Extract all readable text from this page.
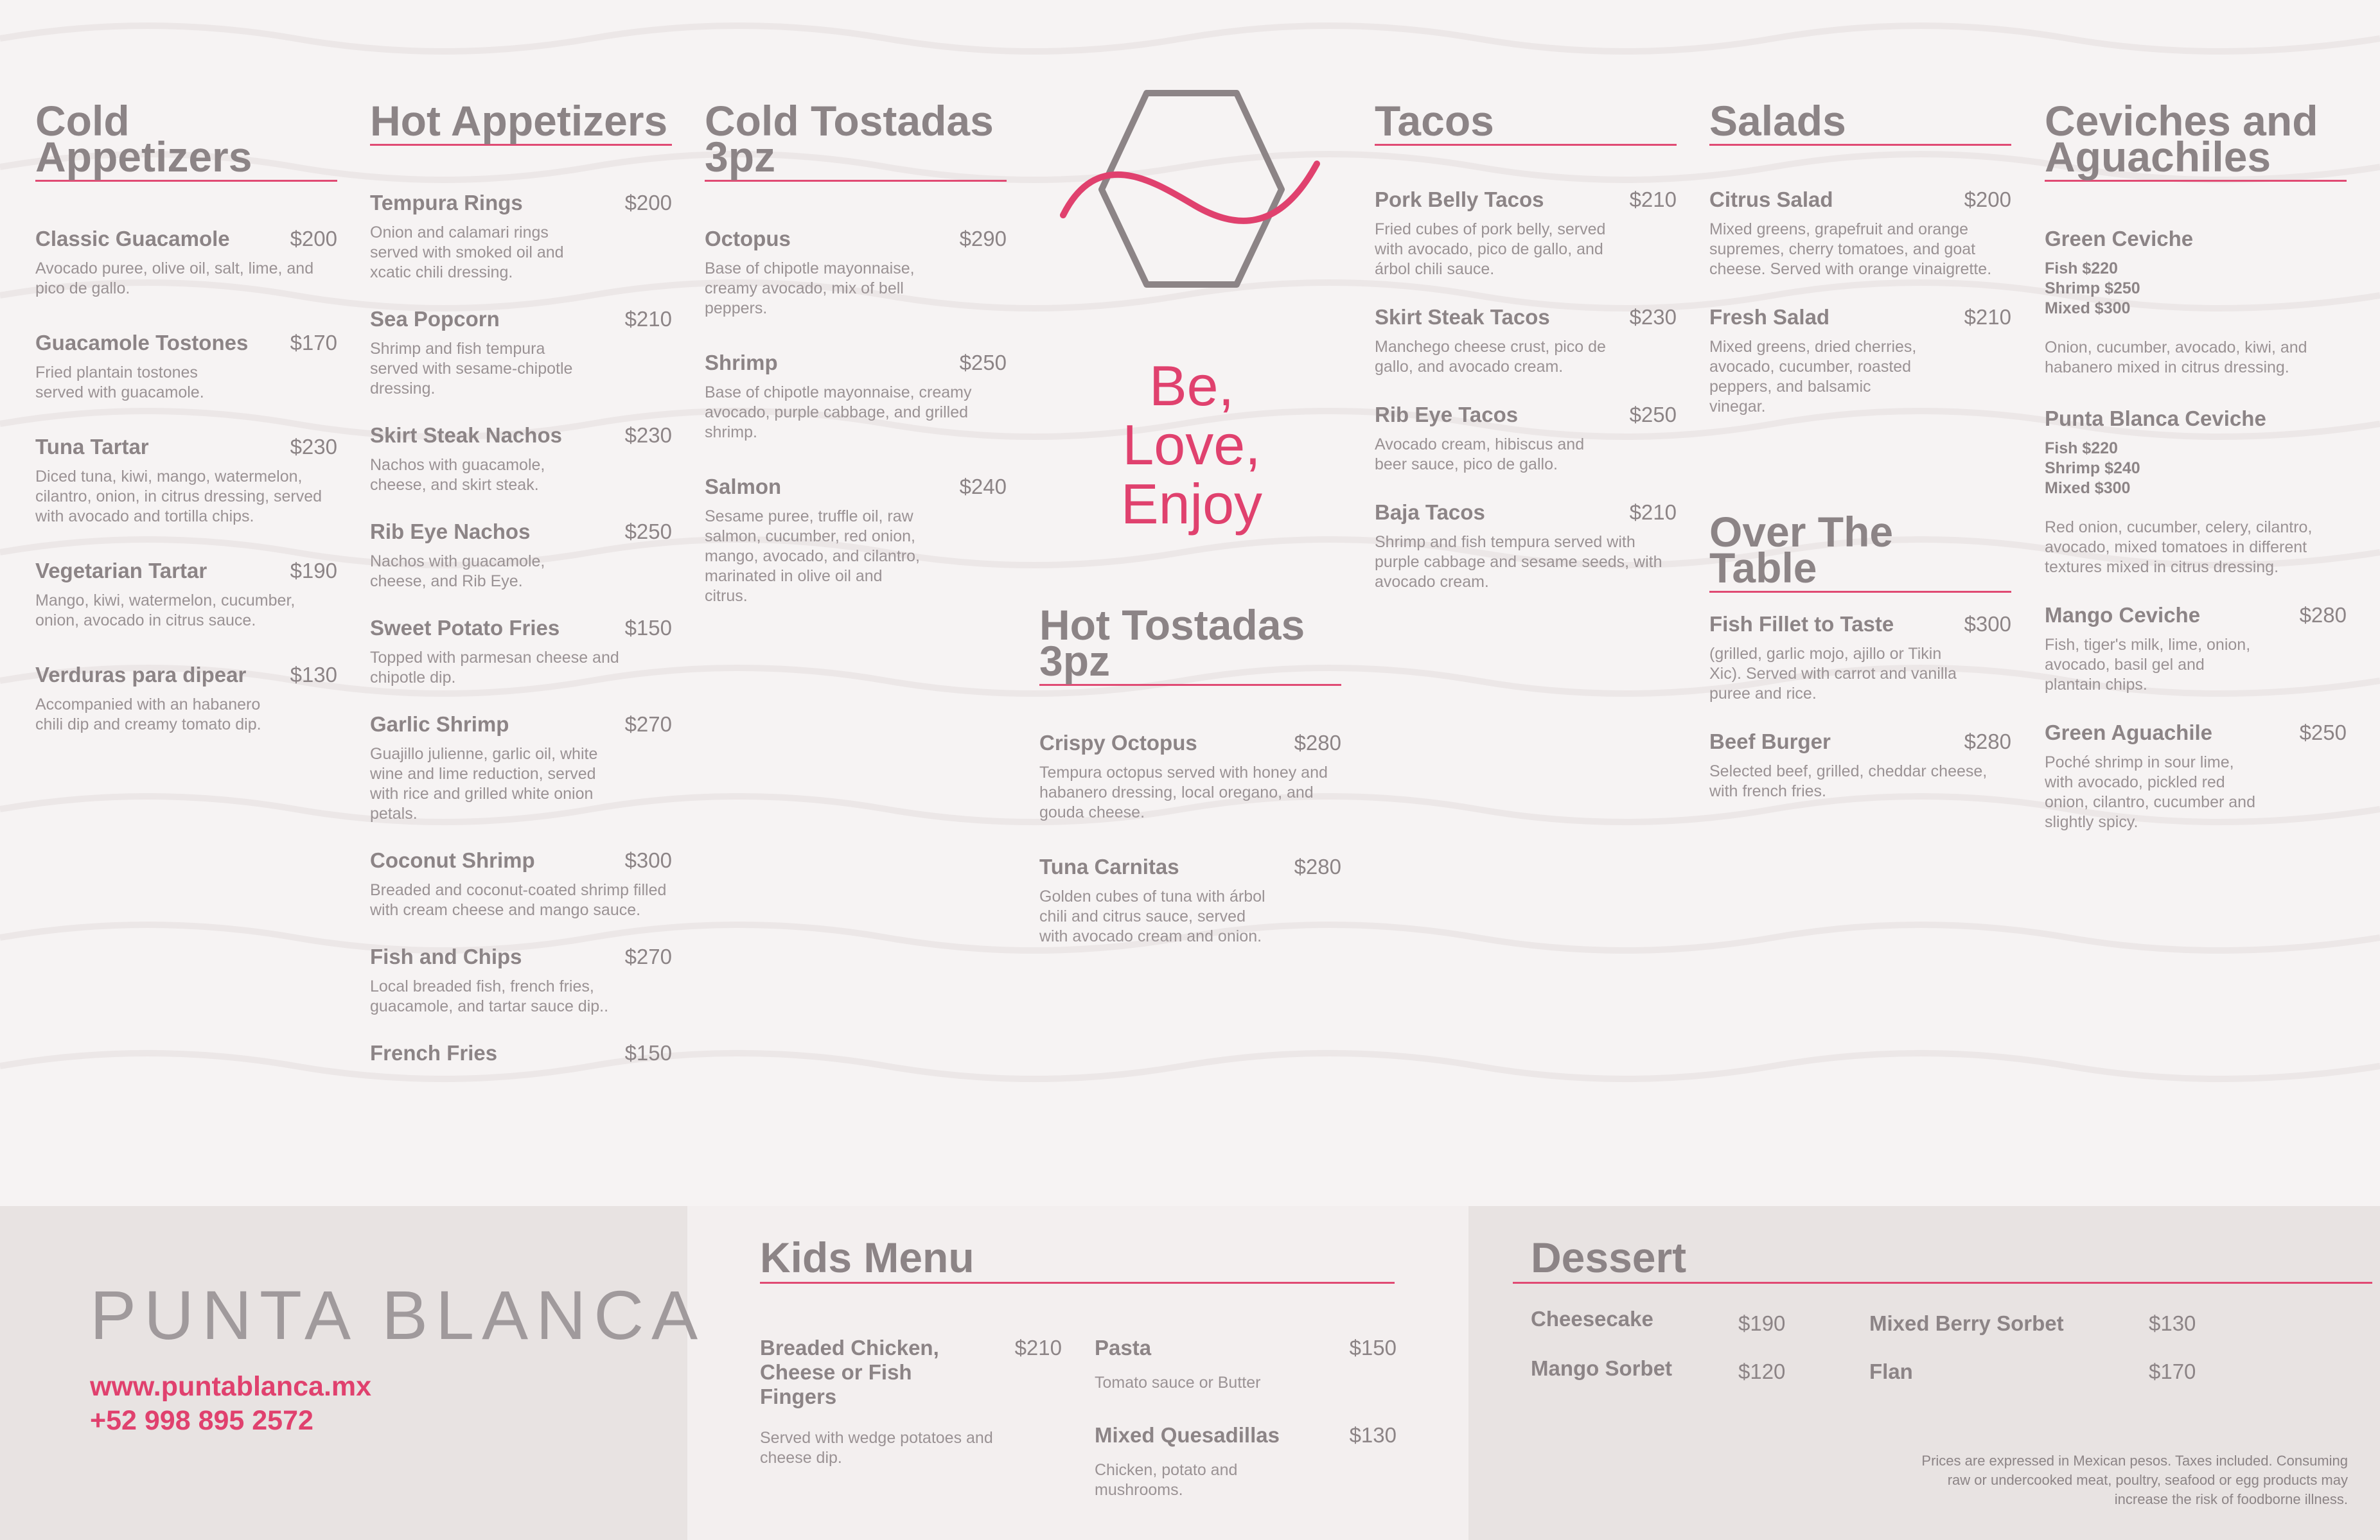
Cold Appetizers
Classic Guacamole	$200
Avocado puree, olive oil, salt, lime, and pico de gallo.
Guacamole Tostones $170
Fried plantain tostones served with guacamole.
Tuna Tartar	$230
Diced tuna, kiwi, mango, watermelon, cilantro, onion, in citrus dressing, served with avocado and tortilla chips.
Vegetarian Tartar	$190
Mango, kiwi, watermelon, cucumber, onion, avocado in citrus sauce.
Verduras para dipear $130
Accompanied with an habanero chili dip and creamy tomato dip.
Hot Appetizers
Tempura Rings	$200
Onion and calamari rings served with smoked oil and xcatic chili dressing.
Sea Popcorn	$210
Shrimp and fish tempura served with sesame-chipotle dressing.
Skirt Steak Nachos	$230
Nachos with guacamole, cheese, and skirt steak.
Rib Eye Nachos	$250
Nachos with guacamole, cheese, and Rib Eye.
Sweet Potato Fries	$150
Topped with parmesan cheese and chipotle dip.
Garlic Shrimp	$270
Guajillo julienne, garlic oil, white wine and lime reduction, served with rice and grilled white onion petals.
Coconut Shrimp	$300
Breaded and coconut-coated shrimp filled with cream cheese and mango sauce.
Fish and Chips	$270
Local breaded fish, french fries, guacamole, and tartar sauce dip..
French Fries	$150
Cold Tostadas 3pz
Octopus	$290
Base of chipotle mayonnaise, creamy avocado, mix of bell peppers.
Shrimp	$250
Base of chipotle mayonnaise, creamy avocado, purple cabbage, and grilled shrimp.
Salmon	$240
Sesame puree, truffle oil, raw salmon, cucumber, red onion, mango, avocado, and cilantro, marinated in olive oil and citrus.
Be,
Love,
Enjoy
Hot Tostadas 3pz
Crispy Octopus	$280
Tempura octopus served with honey and habanero dressing, local oregano, and gouda cheese.
Tuna Carnitas	$280
Golden cubes of tuna with árbol chili and citrus sauce, served with avocado cream and onion.
Tacos
Pork Belly Tacos	$210
Fried cubes of pork belly, served with avocado, pico de gallo, and árbol chili sauce.
Skirt Steak Tacos	$230
Manchego cheese crust, pico de gallo, and avocado cream.
Rib Eye Tacos	$250
Avocado cream, hibiscus and beer sauce, pico de gallo.
Baja Tacos	$210
Shrimp and fish tempura served with purple cabbage and sesame seeds, with avocado cream.
Salads
Citrus Salad	$200
Mixed greens, grapefruit and orange supremes, cherry tomatoes, and goat cheese. Served with orange vinaigrette.
Fresh Salad	$210
Mixed greens, dried cherries, avocado, cucumber, roasted peppers, and balsamic vinegar.
Over The Table
Fish Fillet to Taste	$300
(grilled, garlic mojo, ajillo or Tikin Xic). Served with carrot and vanilla puree and rice.
Beef Burger	$280
Selected beef, grilled, cheddar cheese, with french fries.
Ceviches and Aguachiles
Green Ceviche
Fish $220
Shrimp $250
Mixed $300
Onion, cucumber, avocado, kiwi, and habanero mixed in citrus dressing.
Punta Blanca Ceviche
Fish $220
Shrimp $240
Mixed $300
Red onion, cucumber, celery, cilantro, avocado, mixed tomatoes in different textures mixed in citrus dressing.
Mango Ceviche	$280
Fish, tiger's milk, lime, onion, avocado, basil gel and plantain chips.
Green Aguachile	$250
Poché shrimp in sour lime, with avocado, pickled red onion, cilantro, cucumber and slightly spicy.
PUNTA BLANCA
www.puntablanca.mx
+52 998 895 2572
Kids Menu
Breaded Chicken, Cheese or Fish Fingers
$210
Served with wedge potatoes and cheese dip.
Pasta	$150
Tomato sauce or Butter
Mixed Quesadillas	$130
Chicken, potato and mushrooms.
Dessert
Cheesecake	$190
Mango Sorbet	$120
Mixed Berry Sorbet	$130
Flan	$170
Prices are expressed in Mexican pesos. Taxes included. Consuming raw or undercooked meat, poultry, seafood or egg products may increase the risk of foodborne illness.
